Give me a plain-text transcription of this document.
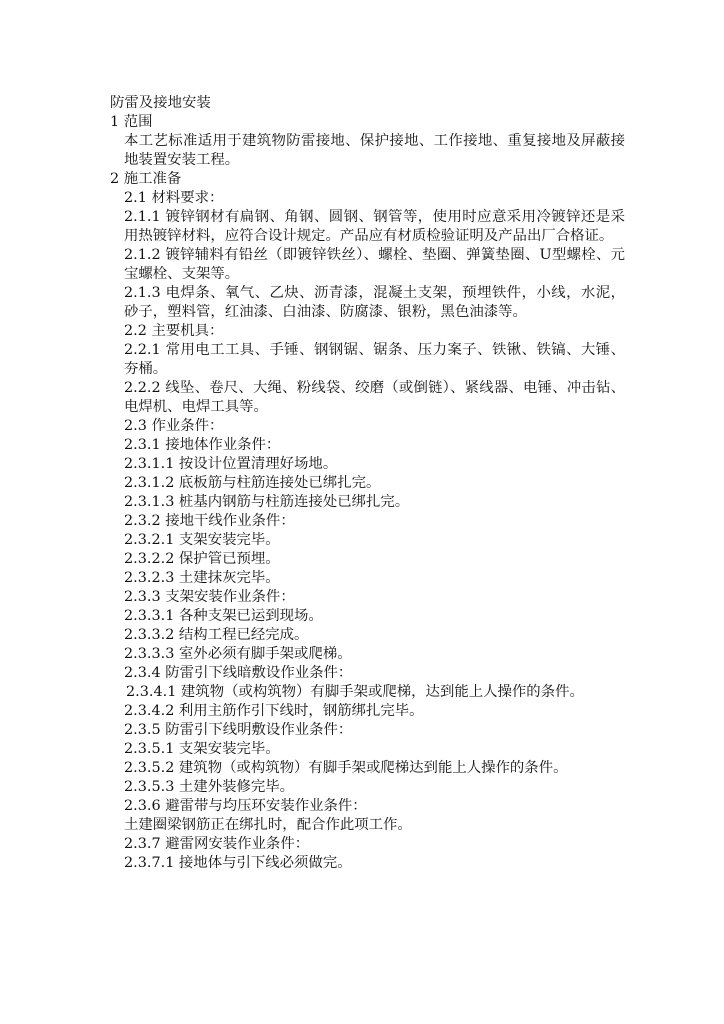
防雷及接地安装

1 范围

本工艺标准适用于建筑物防雷接地、保护接地、工作接地、重复接地及屏蔽接地装置安装工程。

2 施工准备

2.1 材料要求：

2.1.1 镀锌钢材有扁钢、角钢、圆钢、钢管等，使用时应意采用冷镀锌还是采用热镀锌材料，应符合设计规定。产品应有材质检验证明及产品出厂合格证。

2.1.2 镀锌辅料有铅丝（即镀锌铁丝）、螺栓、垫圈、弹簧垫圈、U型螺栓、元宝螺栓、支架等。

2.1.3 电焊条、氧气、乙炔、沥青漆，混凝土支架，预埋铁件，小线，水泥，砂子，塑料管，红油漆、白油漆、防腐漆、银粉，黑色油漆等。

2.2 主要机具：

2.2.1 常用电工工具、手锤、钢钢锯、锯条、压力案子、铁锹、铁镐、大锤、夯桶。

2.2.2 线坠、卷尺、大绳、粉线袋、绞磨（或倒链）、紧线器、电锤、冲击钻、电焊机、电焊工具等。

2.3 作业条件：

2.3.1 接地体作业条件：

2.3.1.1 按设计位置清理好场地。

2.3.1.2 底板筋与柱筋连接处已绑扎完。

2.3.1.3 桩基内钢筋与柱筋连接处已绑扎完。

2.3.2 接地干线作业条件：

2.3.2.1 支架安装完毕。

2.3.2.2 保护管已预埋。

2.3.2.3 土建抹灰完毕。

2.3.3 支架安装作业条件：

2.3.3.1 各种支架已运到现场。

2.3.3.2 结构工程已经完成。

2.3.3.3 室外必须有脚手架或爬梯。

2.3.4 防雷引下线暗敷设作业条件：

2.3.4.1 建筑物（或构筑物）有脚手架或爬梯，达到能上人操作的条件。

2.3.4.2 利用主筋作引下线时，钢筋绑扎完毕。

2.3.5 防雷引下线明敷设作业条件：

2.3.5.1 支架安装完毕。

2.3.5.2 建筑物（或构筑物）有脚手架或爬梯达到能上人操作的条件。

2.3.5.3 土建外装修完毕。

2.3.6 避雷带与均压环安装作业条件：

土建圈梁钢筋正在绑扎时，配合作此项工作。

2.3.7 避雷网安装作业条件：

2.3.7.1 接地体与引下线必须做完。
